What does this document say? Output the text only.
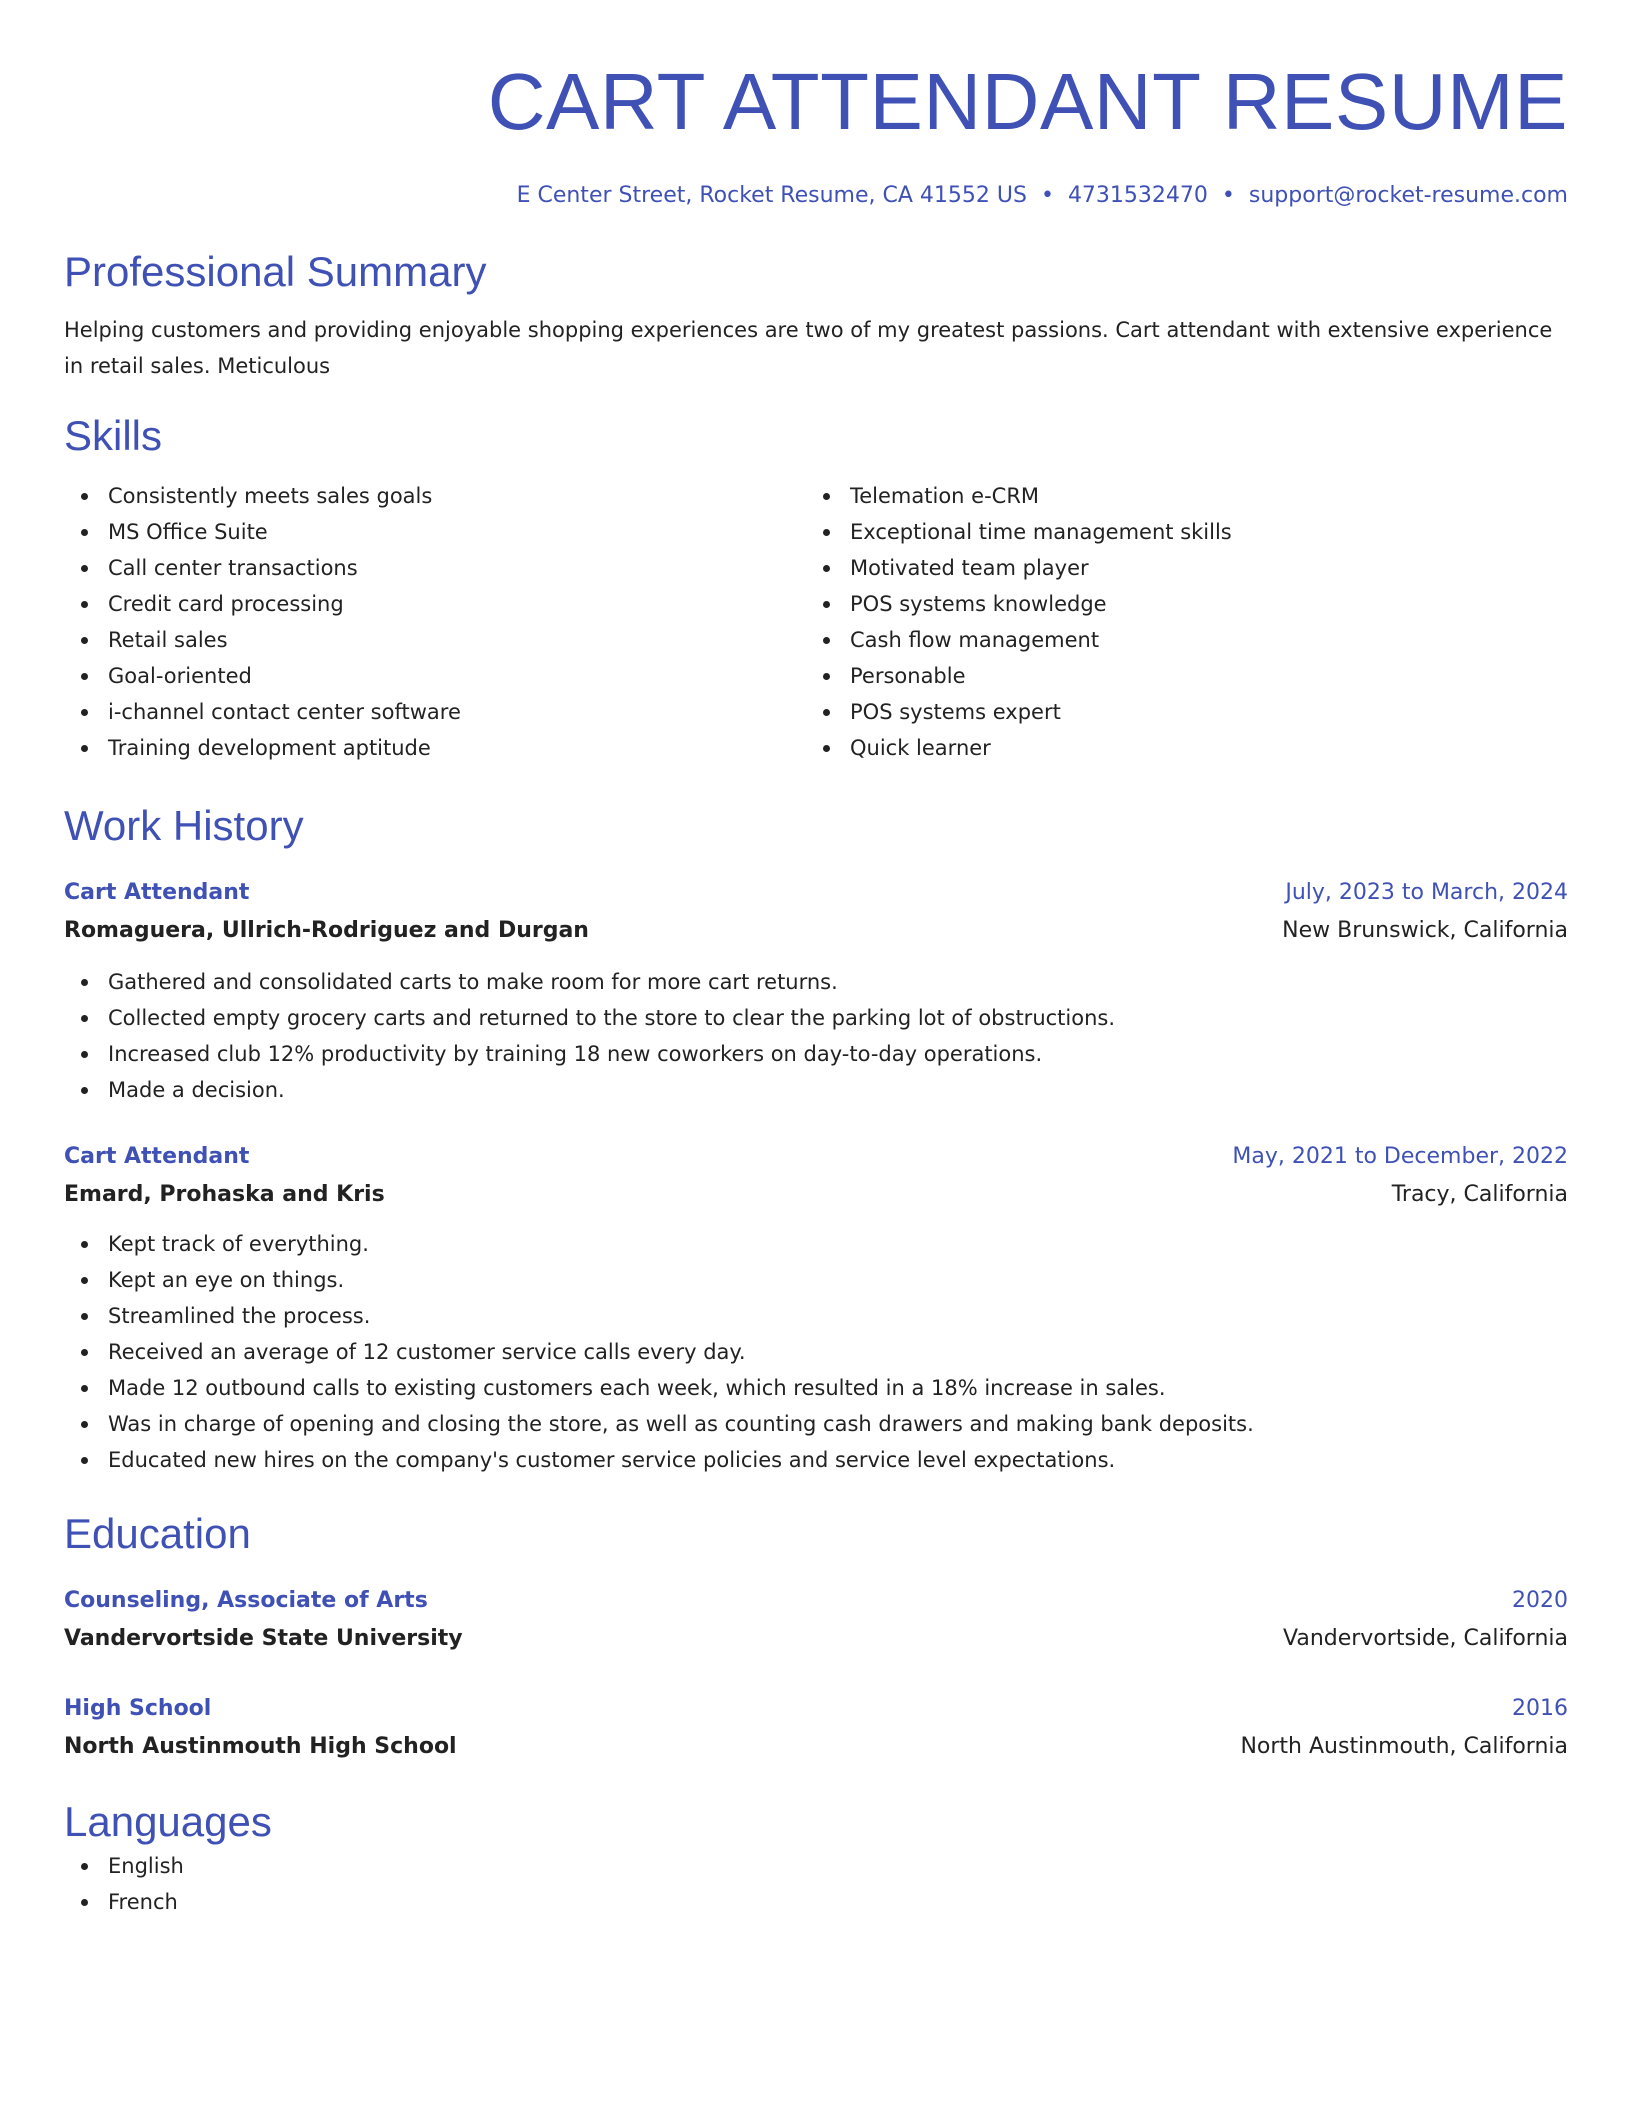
CART ATTENDANT RESUME
E Center Street, Rocket Resume, CA 41552 US • 4731532470 • support@rocket-resume.com
Professional Summary
Helping customers and providing enjoyable shopping experiences are two of my greatest passions. Cart attendant with extensive experience in retail sales. Meticulous
Skills
Consistently meets sales goals
MS Office Suite
Call center transactions
Credit card processing
Retail sales
Goal-oriented
i-channel contact center software
Training development aptitude
Telemation e-CRM
Exceptional time management skills
Motivated team player
POS systems knowledge
Cash flow management
Personable
POS systems expert
Quick learner
Work History
Cart Attendant	July, 2023 to March, 2024
Romaguera, Ullrich-Rodriguez and Durgan	New Brunswick, California
Gathered and consolidated carts to make room for more cart returns.
Collected empty grocery carts and returned to the store to clear the parking lot of obstructions.
Increased club 12% productivity by training 18 new coworkers on day-to-day operations.
Made a decision.
Cart Attendant	May, 2021 to December, 2022
Emard, Prohaska and Kris	Tracy, California
Kept track of everything.
Kept an eye on things.
Streamlined the process.
Received an average of 12 customer service calls every day.
Made 12 outbound calls to existing customers each week, which resulted in a 18% increase in sales.
Was in charge of opening and closing the store, as well as counting cash drawers and making bank deposits.
Educated new hires on the company's customer service policies and service level expectations.
Education
Counseling, Associate of Arts	2020
Vandervortside State University	Vandervortside, California
High School	2016
North Austinmouth High School	North Austinmouth, California
Languages
English
French
